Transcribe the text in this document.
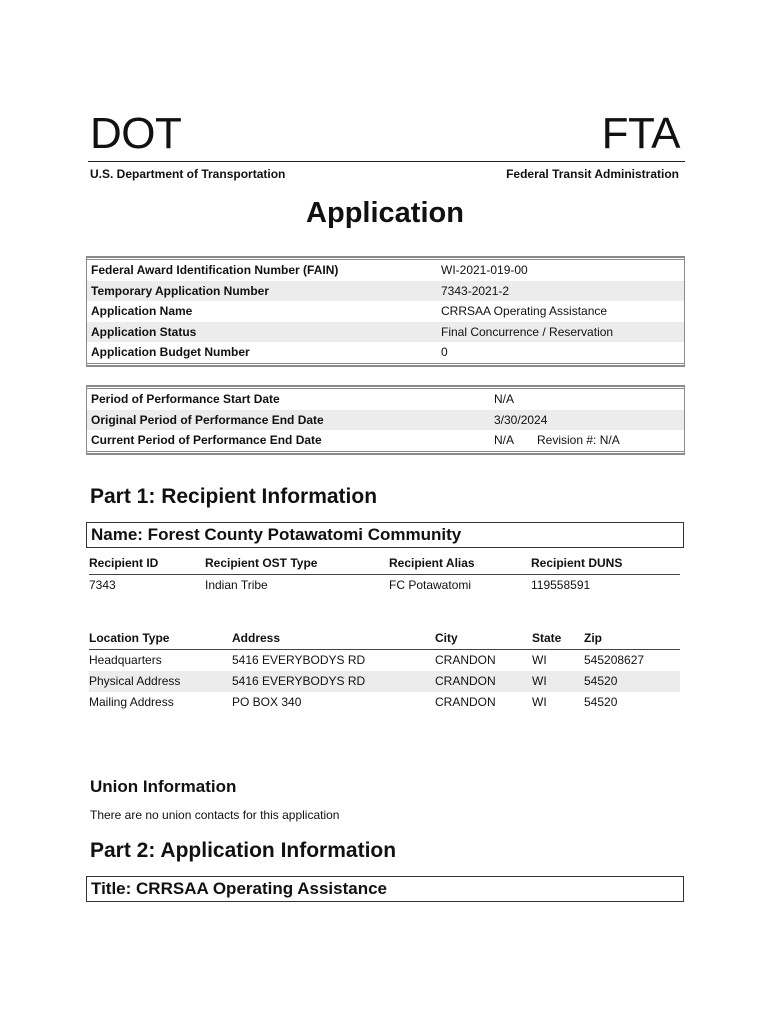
DOT	FTA
U.S. Department of Transportation	Federal Transit Administration
Application
Federal Award Identification Number (FAIN)	WI-2021-019-00
Temporary Application Number	7343-2021-2
Application Name	CRRSAA Operating Assistance
Application Status	Final Concurrence / Reservation
Application Budget Number	0
Period of Performance Start Date	N/A
Original Period of Performance End Date	3/30/2024
Current Period of Performance End Date	N/A Revision #: N/A
Part 1: Recipient Information
Name: Forest County Potawatomi Community
Recipient ID	Recipient OST Type	Recipient Alias	Recipient DUNS
7343	Indian Tribe	FC Potawatomi	119558591
Location Type	Address	City	State Zip
Headquarters	5416 EVERYBODYS RD	CRANDON	WI	545208627
Physical Address	5416 EVERYBODYS RD	CRANDON	WI	54520
Mailing Address	PO BOX 340	CRANDON	WI	54520
Union Information
There are no union contacts for this application
Part 2: Application Information
Title: CRRSAA Operating Assistance
